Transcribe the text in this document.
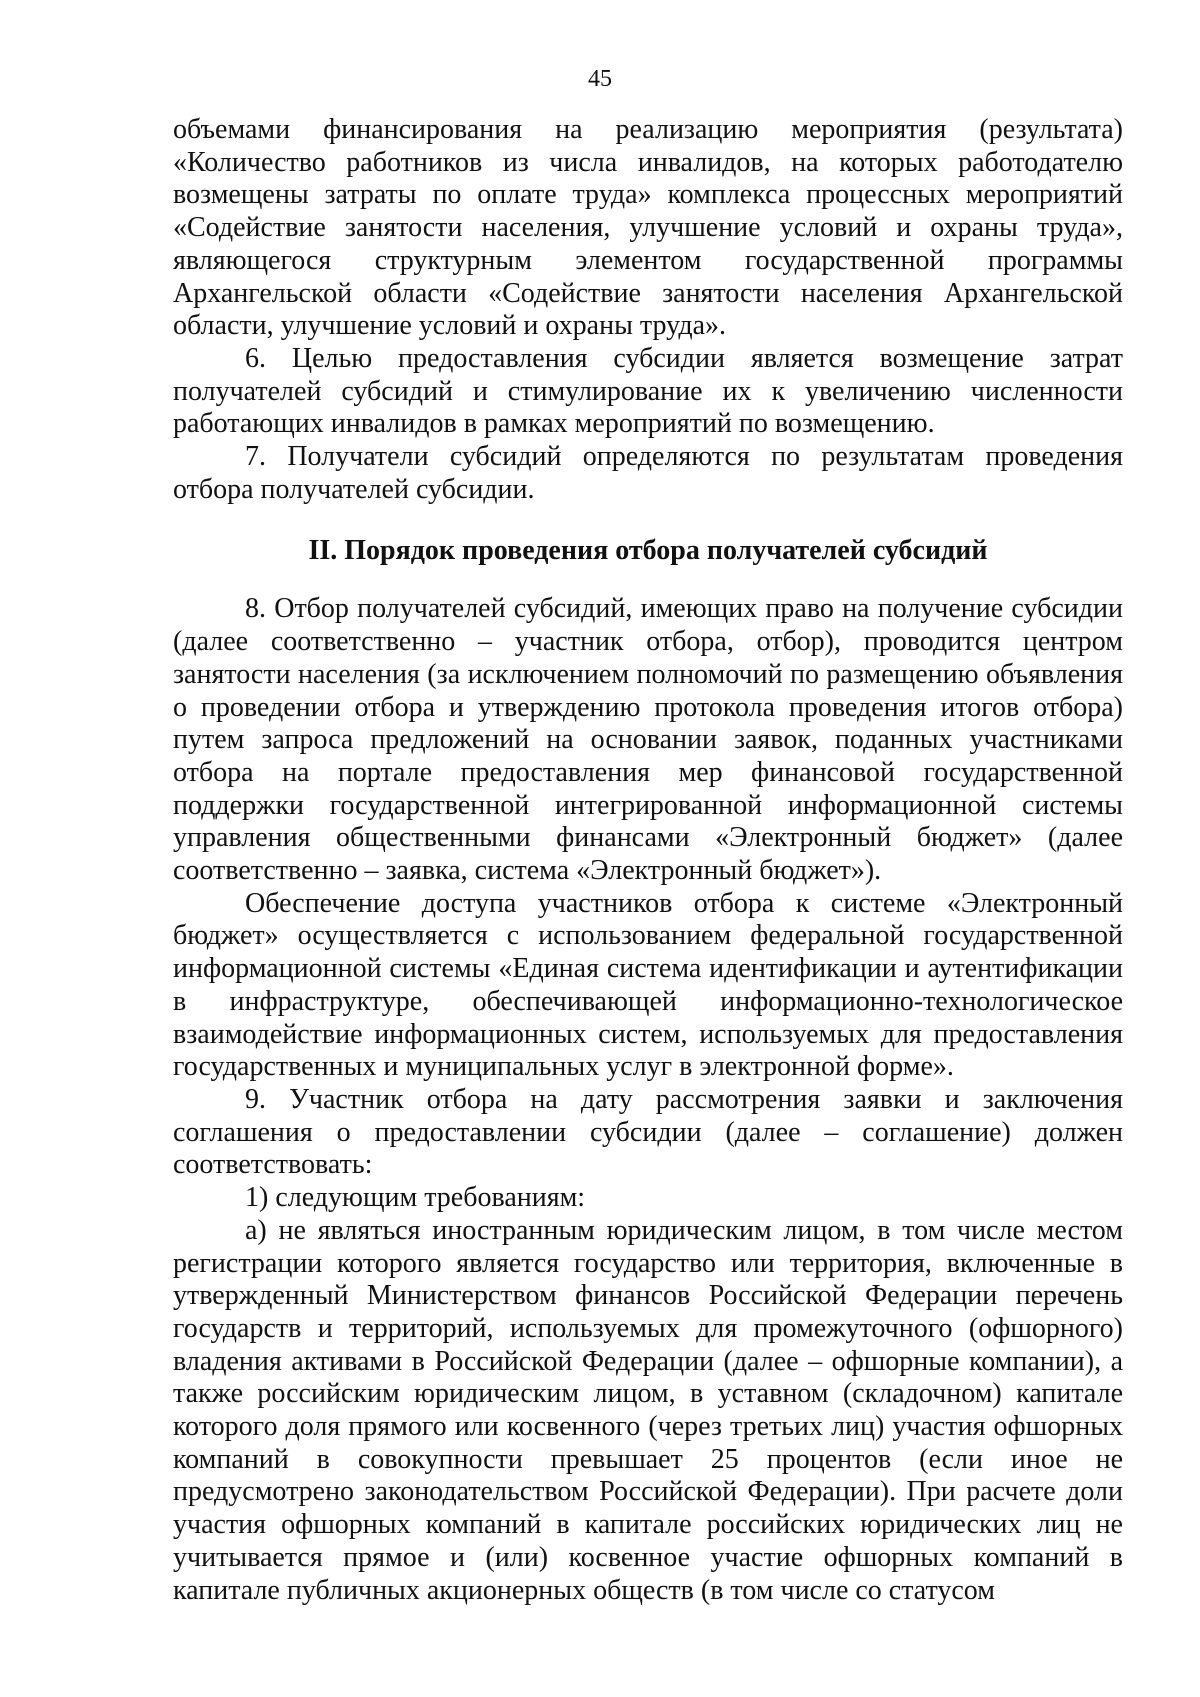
45

объемами финансирования на реализацию мероприятия (результата) «Количество работников из числа инвалидов, на которых работодателю возмещены затраты по оплате труда» комплекса процессных мероприятий «Содействие занятости населения, улучшение условий и охраны труда», являющегося структурным элементом государственной программы Архангельской области «Содействие занятости населения Архангельской области, улучшение условий и охраны труда».

6. Целью предоставления субсидии является возмещение затрат получателей субсидий и стимулирование их к увеличению численности работающих инвалидов в рамках мероприятий по возмещению.

7. Получатели субсидий определяются по результатам проведения отбора получателей субсидии.

II. Порядок проведения отбора получателей субсидий

8. Отбор получателей субсидий, имеющих право на получение субсидии (далее соответственно – участник отбора, отбор), проводится центром занятости населения (за исключением полномочий по размещению объявления о проведении отбора и утверждению протокола проведения итогов отбора) путем запроса предложений на основании заявок, поданных участниками отбора на портале предоставления мер финансовой государственной поддержки государственной интегрированной информационной системы управления общественными финансами «Электронный бюджет» (далее соответственно – заявка, система «Электронный бюджет»).

Обеспечение доступа участников отбора к системе «Электронный бюджет» осуществляется с использованием федеральной государственной информационной системы «Единая система идентификации и аутентификации в инфраструктуре, обеспечивающей информационно-технологическое взаимодействие информационных систем, используемых для предоставления государственных и муниципальных услуг в электронной форме».

9. Участник отбора на дату рассмотрения заявки и заключения соглашения о предоставлении субсидии (далее – соглашение) должен соответствовать:

1) следующим требованиям:

а) не являться иностранным юридическим лицом, в том числе местом регистрации которого является государство или территория, включенные в утвержденный Министерством финансов Российской Федерации перечень государств и территорий, используемых для промежуточного (офшорного) владения активами в Российской Федерации (далее – офшорные компании), а также российским юридическим лицом, в уставном (складочном) капитале которого доля прямого или косвенного (через третьих лиц) участия офшорных компаний в совокупности превышает 25 процентов (если иное не предусмотрено законодательством Российской Федерации). При расчете доли участия офшорных компаний в капитале российских юридических лиц не учитывается прямое и (или) косвенное участие офшорных компаний в капитале публичных акционерных обществ (в том числе со статусом
